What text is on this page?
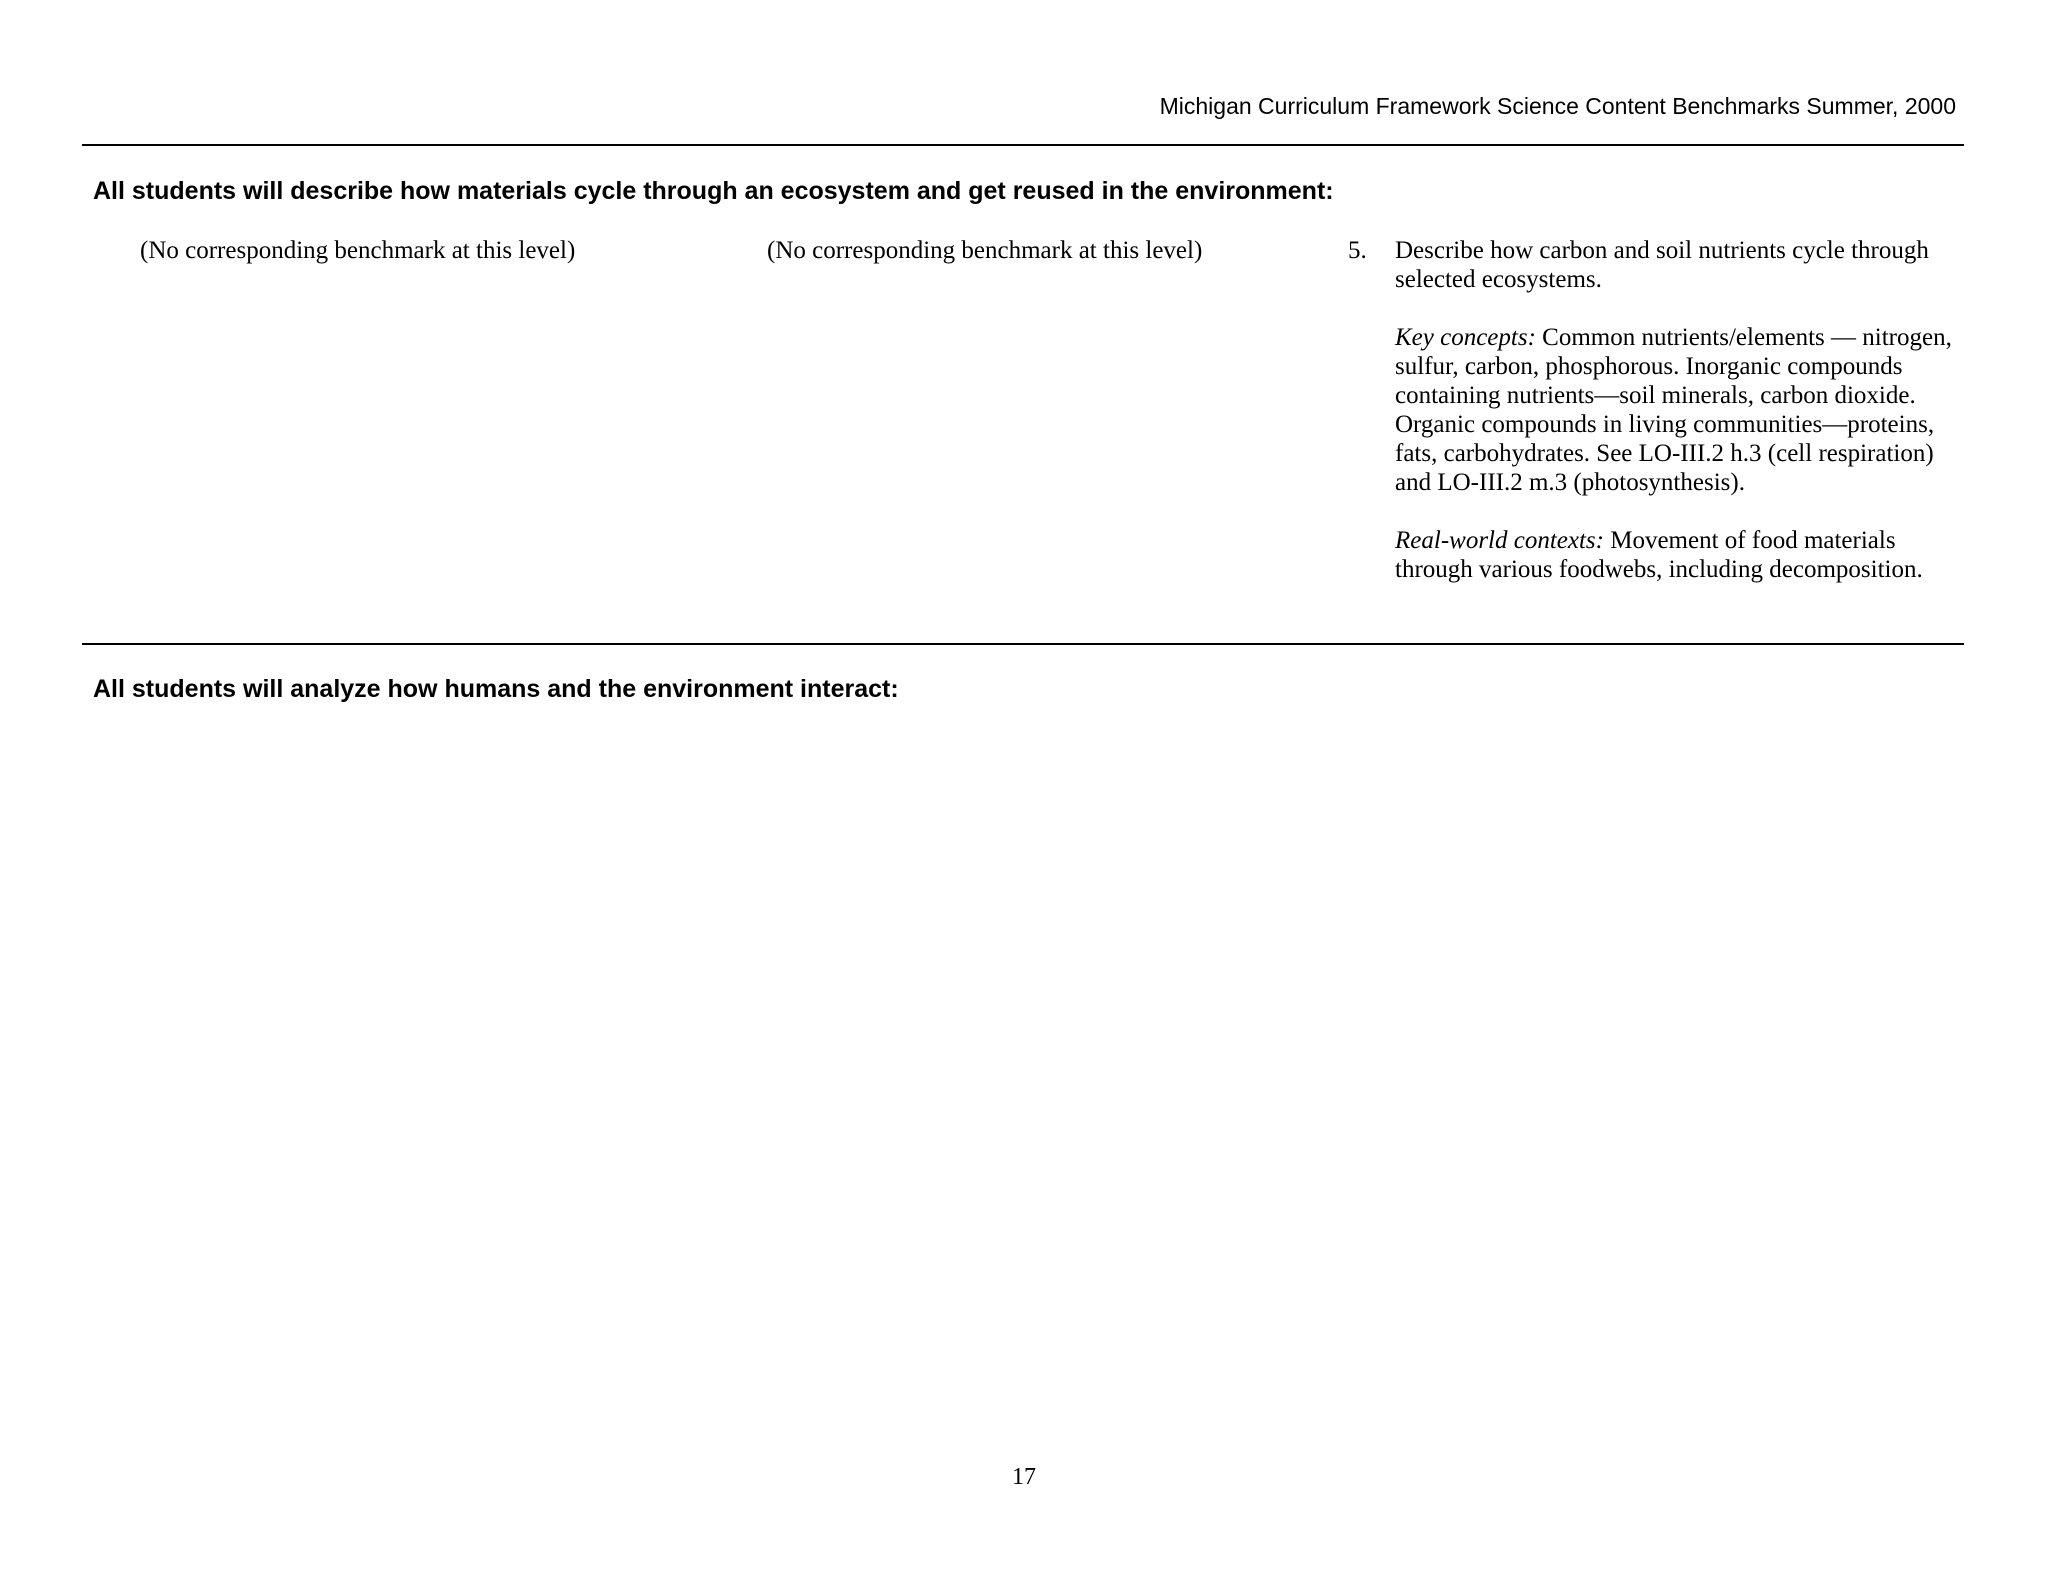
Michigan Curriculum Framework Science Content Benchmarks Summer, 2000
All students will describe how materials cycle through an ecosystem and get reused in the environment:
(No corresponding benchmark at this level)	(No corresponding benchmark at this level)	5. Describe how carbon and soil nutrients cycle through selected ecosystems.

Key concepts: Common nutrients/elements — nitrogen, sulfur, carbon, phosphorous. Inorganic compounds containing nutrients—soil minerals, carbon dioxide. Organic compounds in living communities—proteins, fats, carbohydrates. See LO-III.2 h.3 (cell respiration) and LO-III.2 m.3 (photosynthesis).

Real-world contexts: Movement of food materials through various foodwebs, including decomposition.

All students will analyze how humans and the environment interact:
17
